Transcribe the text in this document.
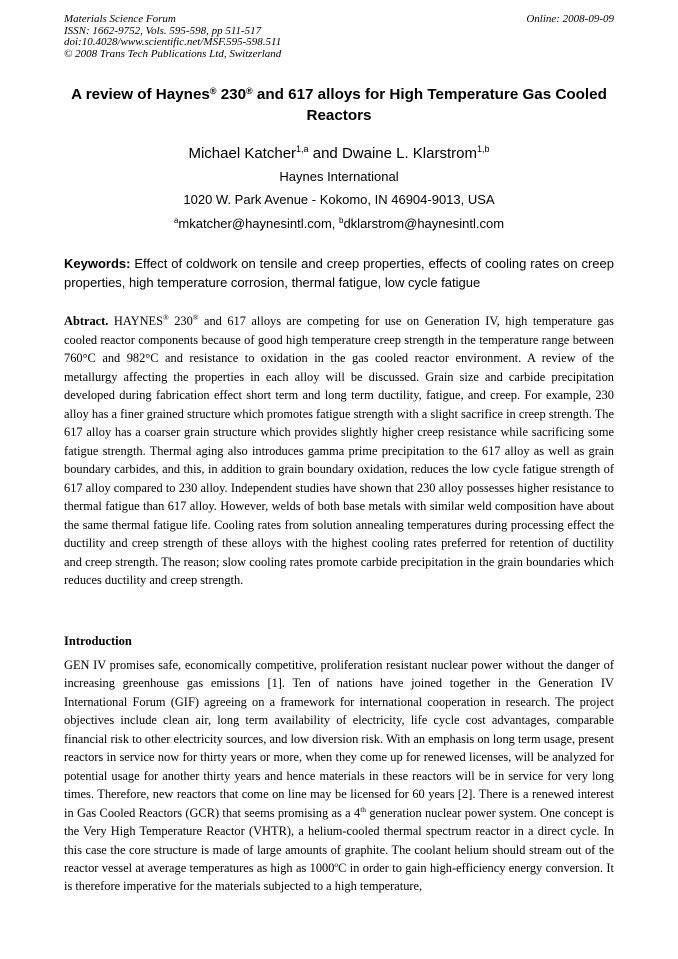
Materials Science Forum
ISSN: 1662-9752, Vols. 595-598, pp 511-517
doi:10.4028/www.scientific.net/MSF.595-598.511
© 2008 Trans Tech Publications Ltd, Switzerland
Online: 2008-09-09
A review of Haynes® 230® and 617 alloys for High Temperature Gas Cooled Reactors
Michael Katcher$^{1,a}$ and Dwaine L. Klarstrom$^{1,b}$
Haynes International
1020 W. Park Avenue - Kokomo, IN 46904-9013, USA
$^a$mkatcher@haynesintl.com, $^b$dklarstrom@haynesintl.com
Keywords: Effect of coldwork on tensile and creep properties, effects of cooling rates on creep properties, high temperature corrosion, thermal fatigue, low cycle fatigue
Abtract. HAYNES® 230® and 617 alloys are competing for use on Generation IV, high temperature gas cooled reactor components because of good high temperature creep strength in the temperature range between 760°C and 982°C and resistance to oxidation in the gas cooled reactor environment. A review of the metallurgy affecting the properties in each alloy will be discussed. Grain size and carbide precipitation developed during fabrication effect short term and long term ductility, fatigue, and creep. For example, 230 alloy has a finer grained structure which promotes fatigue strength with a slight sacrifice in creep strength. The 617 alloy has a coarser grain structure which provides slightly higher creep resistance while sacrificing some fatigue strength. Thermal aging also introduces gamma prime precipitation to the 617 alloy as well as grain boundary carbides, and this, in addition to grain boundary oxidation, reduces the low cycle fatigue strength of 617 alloy compared to 230 alloy. Independent studies have shown that 230 alloy possesses higher resistance to thermal fatigue than 617 alloy. However, welds of both base metals with similar weld composition have about the same thermal fatigue life. Cooling rates from solution annealing temperatures during processing effect the ductility and creep strength of these alloys with the highest cooling rates preferred for retention of ductility and creep strength. The reason; slow cooling rates promote carbide precipitation in the grain boundaries which reduces ductility and creep strength.
Introduction
GEN IV promises safe, economically competitive, proliferation resistant nuclear power without the danger of increasing greenhouse gas emissions [1]. Ten of nations have joined together in the Generation IV International Forum (GIF) agreeing on a framework for international cooperation in research. The project objectives include clean air, long term availability of electricity, life cycle cost advantages, comparable financial risk to other electricity sources, and low diversion risk. With an emphasis on long term usage, present reactors in service now for thirty years or more, when they come up for renewed licenses, will be analyzed for potential usage for another thirty years and hence materials in these reactors will be in service for very long times. Therefore, new reactors that come on line may be licensed for 60 years [2]. There is a renewed interest in Gas Cooled Reactors (GCR) that seems promising as a 4th generation nuclear power system. One concept is the Very High Temperature Reactor (VHTR), a helium-cooled thermal spectrum reactor in a direct cycle. In this case the core structure is made of large amounts of graphite. The coolant helium should stream out of the reactor vessel at average temperatures as high as 1000$^o$C in order to gain high-efficiency energy conversion. It is therefore imperative for the materials subjected to a high temperature,
